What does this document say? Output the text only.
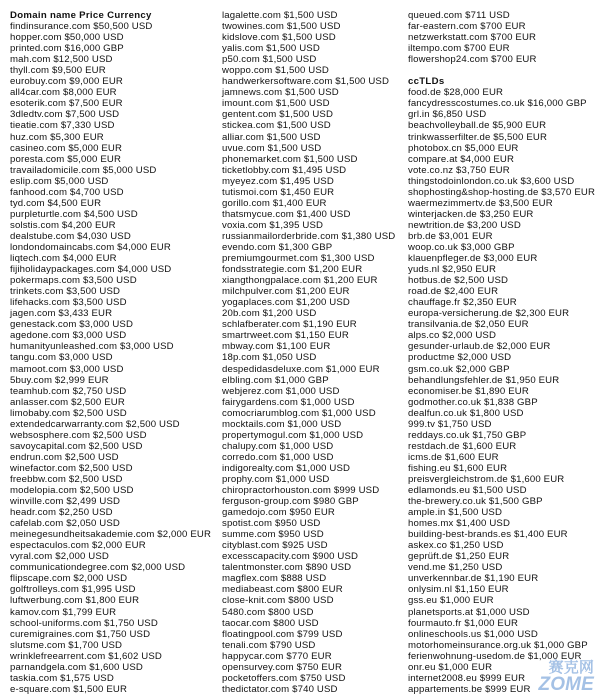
Domain name Price Currency
findinsurance.com $50,500 USD
hopper.com $50,000 USD
printed.com $16,000 GBP
mah.com $12,500 USD
thyll.com $9,500 EUR
eurobuy.com $9,000 EUR
all4car.com $8,000 EUR
esoterik.com $7,500 EUR
3dledtv.com $7,500 USD
tieatie.com $7,330 USD
huz.com $5,300 EUR
casineo.com $5,000 EUR
poresta.com $5,000 EUR
travailadomicile.com $5,000 USD
eslip.com $5,000 USD
fanhood.com $4,700 USD
tyd.com $4,500 EUR
purpleturtle.com $4,500 USD
solstis.com $4,200 EUR
dealstube.com $4,030 USD
londondomaincabs.com $4,000 EUR
liqtech.com $4,000 EUR
fijiholidaypackages.com $4,000 USD
pokermaps.com $3,500 USD
trinkets.com $3,500 USD
lifehacks.com $3,500 USD
jagen.com $3,433 EUR
genestack.com $3,000 USD
agedone.com $3,000 USD
humanityunleashed.com $3,000 USD
tangu.com $3,000 USD
mamoot.com $3,000 USD
5buy.com $2,999 EUR
teamhub.com $2,750 USD
anlasser.com $2,500 EUR
limobaby.com $2,500 USD
extendedcarwarranty.com $2,500 USD
websosphere.com $2,500 USD
savoycapital.com $2,500 USD
endrun.com $2,500 USD
winefactor.com $2,500 USD
freebbw.com $2,500 USD
modelopia.com $2,500 USD
winville.com $2,499 USD
headr.com $2,250 USD
cafelab.com $2,050 USD
meinegesundheitsakademie.com $2,000 EUR
espectaculos.com $2,000 EUR
vyral.com $2,000 USD
communicationdegree.com $2,000 USD
flipscape.com $2,000 USD
golftrolleys.com $1,995 USD
luftwerbung.com $1,800 EUR
kamov.com $1,799 EUR
school-uniforms.com $1,750 USD
curemigraines.com $1,750 USD
slutsme.com $1,700 USD
wrinklefreearrent.com $1,602 USD
parnandgela.com $1,600 USD
taskia.com $1,575 USD
e-square.com $1,500 EUR
lagalette.com $1,500 USD
twowines.com $1,500 USD
kidslove.com $1,500 USD
yalis.com $1,500 USD
p50.com $1,500 USD
woppo.com $1,500 USD
handwerkersoftware.com $1,500 USD
jamnews.com $1,500 USD
imount.com $1,500 USD
gentent.com $1,500 USD
stickea.com $1,500 USD
alliar.com $1,500 USD
uvue.com $1,500 USD
phonemarket.com $1,500 USD
ticketlobby.com $1,495 USD
myeyez.com $1,495 USD
tutismoi.com $1,450 EUR
gorillo.com $1,400 EUR
thatsmycue.com $1,400 USD
voxia.com $1,395 USD
russianmailorderbride.com $1,380 USD
evendo.com $1,300 GBP
premiumgourmet.com $1,300 USD
fondsstrategie.com $1,200 EUR
xiangthongpalace.com $1,200 EUR
milchpulver.com $1,200 EUR
yogaplaces.com $1,200 USD
20b.com $1,200 USD
schlafberater.com $1,190 EUR
smartrweet.com $1,150 EUR
mbway.com $1,100 EUR
18p.com $1,050 USD
despedidasdeluxe.com $1,000 EUR
elbling.com $1,000 GBP
webjerez.com $1,000 USD
fairygardens.com $1,000 USD
comocriarumblog.com $1,000 USD
mocktails.com $1,000 USD
propertymogul.com $1,000 USD
chalupy.com $1,000 USD
corredo.com $1,000 USD
indigorealty.com $1,000 USD
prophy.com $1,000 USD
chiropractorhouston.com $999 USD
ferguson-group.com $980 GBP
gamedojo.com $950 EUR
spotist.com $950 USD
summe.com $950 USD
cityblast.com $925 USD
excesscapacity.com $900 USD
talentmonster.com $890 USD
magflex.com $888 USD
mediabeast.com $800 EUR
close-knit.com $800 USD
5480.com $800 USD
taocar.com $800 USD
floatingpool.com $799 USD
tenali.com $790 USD
happycar.com $770 EUR
opensurvey.com $750 EUR
pocketoffers.com $750 USD
thedictator.com $740 USD
queued.com $711 USD
far-eastern.com $700 EUR
netzwerkstatt.com $700 EUR
iltempo.com $700 EUR
flowershop24.com $700 EUR
ccTLDs
food.de $28,000 EUR
fancydresscostumes.co.uk $16,000 GBP
grl.in $6,850 USD
beachvolleyball.de $5,900 EUR
trinkwasserfilter.de $5,500 EUR
photobox.cn $5,000 EUR
compare.at $4,000 EUR
vote.co.nz $3,750 EUR
thingstodoinlondon.co.uk $3,600 USD
shophosting&shop-hosting.de $3,570 EUR
waermezimmertv.de $3,500 EUR
winterjacken.de $3,250 EUR
newtrition.de $3,200 USD
brb.de $3,001 EUR
woop.co.uk $3,000 GBP
klauenpfleger.de $3,000 EUR
yuds.nl $2,950 EUR
hotbus.de $2,500 USD
road.de $2,400 EUR
chauffage.fr $2,350 EUR
europa-versicherung.de $2,300 EUR
transilvania.de $2,050 EUR
alps.co $2,000 USD
gesunder-urlaub.de $2,000 EUR
productme $2,000 USD
gsm.co.uk $2,000 GBP
behandlungsfehler.de $1,950 EUR
economiser.be $1,890 EUR
godmother.co.uk $1,838 GBP
dealfun.co.uk $1,800 USD
999.tv $1,750 USD
reddays.co.uk $1,750 GBP
restdach.de $1,600 EUR
icms.de $1,600 EUR
fishing.eu $1,600 EUR
preisvergleichstrom.de $1,600 EUR
edlamonds.eu $1,500 USD
the-brewery.co.uk $1,500 GBP
ample.in $1,500 USD
homes.mx $1,400 USD
building-best-brands.es $1,400 EUR
askex.co $1,250 USD
geprüft.de $1,250 EUR
vend.me $1,250 USD
unverkennbar.de $1,190 EUR
onlysim.nl $1,150 EUR
gss.eu $1,000 EUR
planetsports.at $1,000 USD
fourmauto.fr $1,000 EUR
onlineschools.us $1,000 USD
motorhomeinsurance.org.uk $1,000 GBP
ferienwohnung-usedom.de $1,000 EUR
onr.eu $1,000 EUR
internet2008.eu $999 EUR
appartements.be $999 EUR
赛克网
ZOME
